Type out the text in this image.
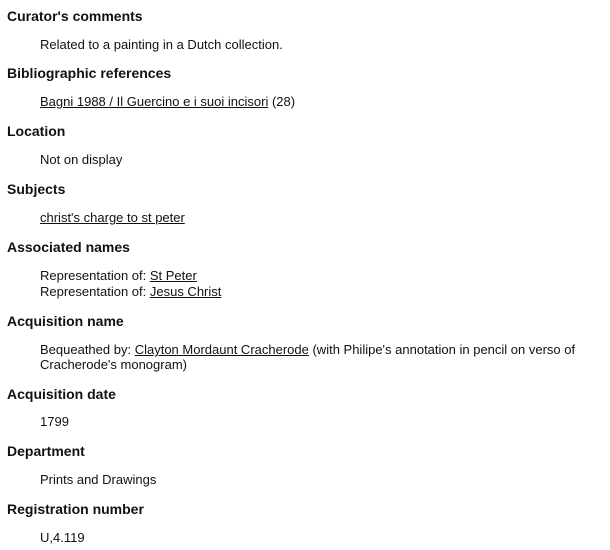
Curator's comments
Related to a painting in a Dutch collection.
Bibliographic references
Bagni 1988 / Il Guercino e i suoi incisori (28)
Location
Not on display
Subjects
christ's charge to st peter
Associated names
Representation of: St Peter
Representation of: Jesus Christ
Acquisition name
Bequeathed by: Clayton Mordaunt Cracherode (with Philipe's annotation in pencil on verso of
Cracherode's monogram)
Acquisition date
1799
Department
Prints and Drawings
Registration number
U,4.119
